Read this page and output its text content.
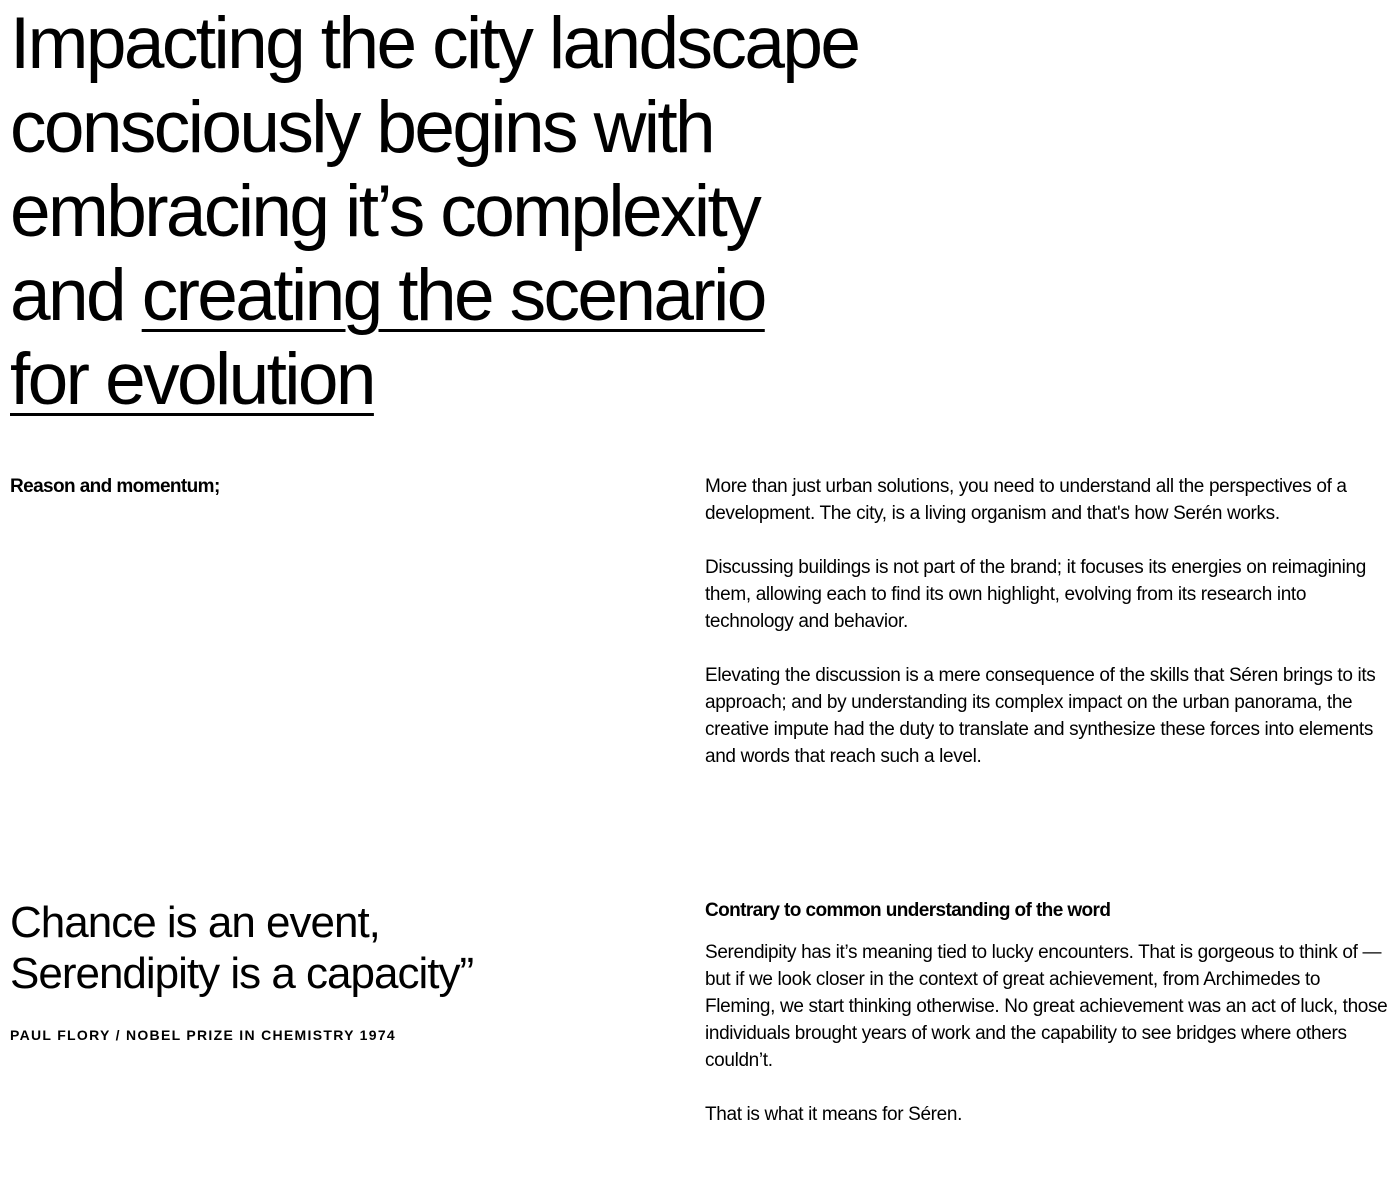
Impacting the city landscape
consciously begins with
embracing it’s complexity
and creating the scenario
for evolution
Reason and momentum;	More than just urban solutions, you need to understand all the perspectives of a development. The city, is a living organism and that's how Serén works.

Discussing buildings is not part of the brand; it focuses its energies on reimagining them, allowing each to find its own highlight, evolving from its research into technology and behavior.

Elevating the discussion is a mere consequence of the skills that Séren brings to its approach; and by understanding its complex impact on the urban panorama, the creative impute had the duty to translate and synthesize these forces into elements and words that reach such a level.

Chance is an event,
Serendipity is a capacity”

PAUL FLORY / NOBEL PRIZE IN CHEMISTRY 1974

Contrary to common understanding of the word

Serendipity has it’s meaning tied to lucky encounters. That is gorgeous to think of — but if we look closer in the context of great achievement, from Archimedes to Fleming, we start thinking otherwise. No great achievement was an act of luck, those individuals brought years of work and the capability to see bridges where others couldn’t.

That is what it means for Séren.
